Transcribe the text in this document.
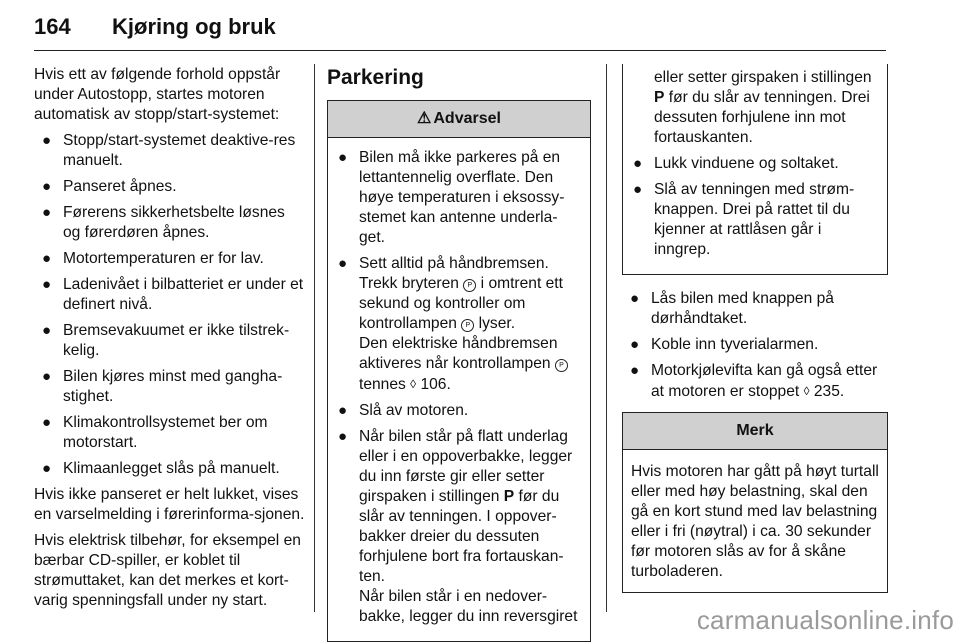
164 Kjøring og bruk

Hvis ett av følgende forhold oppstår under Autostopp, startes motoren automatisk av stopp/start-systemet:

● Stopp/start-systemet deaktive-res manuelt.
● Panseret åpnes.
● Førerens sikkerhetsbelte løsnes og førerdøren åpnes.
● Motortemperaturen er for lav.
● Ladenivået i bilbatteriet er under et definert nivå.
● Bremsevakuumet er ikke tilstrek-kelig.
● Bilen kjøres minst med gangha-stighet.
● Klimakontrollsystemet ber om motorstart.
● Klimaanlegget slås på manuelt.

Hvis ikke panseret er helt lukket, vises en varselmelding i førerinforma-sjonen.

Hvis elektrisk tilbehør, for eksempel en bærbar CD-spiller, er koblet til strømuttaket, kan det merkes et kort-varig spenningsfall under ny start.

Parkering
⚠ Advarsel
● Bilen må ikke parkeres på en lettantennelig overflate. Den høye temperaturen i eksossy-stemet kan antenne underla-get.
● Sett alltid på håndbremsen. Trekk bryteren P i omtrent ett sekund og kontroller om kontrollampen P lyser.

Den elektriske håndbremsen aktiveres når kontrollampen P tennes ◊ 106.

● Slå av motoren.
● Når bilen står på flatt underlag eller i en oppoverbakke, legger du inn første gir eller setter girspaken i stillingen P før du slår av tenningen. I oppover-bakker dreier du dessuten forhjulene bort fra fortauskan-ten.

Når bilen står i en nedover-bakke, legger du inn reversgiret

eller setter girspaken i stillingen P før du slår av tenningen. Drei dessuten forhjulene inn mot fortauskanten.

● Lukk vinduene og soltaket.
● Slå av tenningen med strøm-knappen. Drei på rattet til du kjenner at rattlåsen går i inngrep.
● Lås bilen med knappen på dørhåndtaket.
● Koble inn tyverialarmen.
● Motorkjølevifta kan gå også etter at motoren er stoppet ◊ 235.
Merk
Hvis motoren har gått på høyt turtall eller med høy belastning, skal den gå en kort stund med lav belastning eller i fri (nøytral) i ca. 30 sekunder før motoren slås av for å skåne turboladeren.
carmanualsonline.info
